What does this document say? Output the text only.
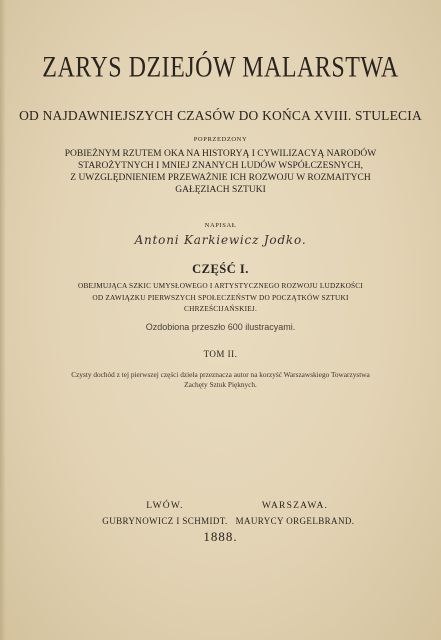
ZARYS DZIEJÓW MALARSTWA
OD NAJDAWNIEJSZYCH CZASÓW DO KOŃCA XVIII. STULECIA
POPRZEDZONY
POBIEŻNYM RZUTEM OKA NA HISTORYĄ I CYWILIZACYĄ NARODÓW
STAROŻYTNYCH I MNIEJ ZNANYCH LUDÓW WSPÓŁCZESNYCH,
Z UWZGLĘDNIENIEM PRZEWAŻNIE ICH ROZWOJU W ROZMAITYCH
GAŁĘZIACH SZTUKI
NAPISAŁ
Antoni Karkiewicz Jodko.
CZĘŚĆ I.
OBEJMUJĄCA SZKIC UMYSŁOWEGO I ARTYSTYCZNEGO ROZWOJU LUDZKOŚCI
OD ZAWIĄZKU PIERWSZYCH SPOŁECZEŃSTW DO POCZĄTKÓW SZTUKI
CHRZEŚCIJAŃSKIEJ.
Ozdobiona przeszło 600 ilustracyami.
TOM II.
Czysty dochód z tej pierwszej części dzieła przeznacza autor na korzyść Warszawskiego Towarzystwa
Zachęty Sztuk Pięknych.
LWÓW.
GUBRYNOWICZ I SCHMIDT.
WARSZAWA.
MAURYCY ORGELBRAND.
1888.
